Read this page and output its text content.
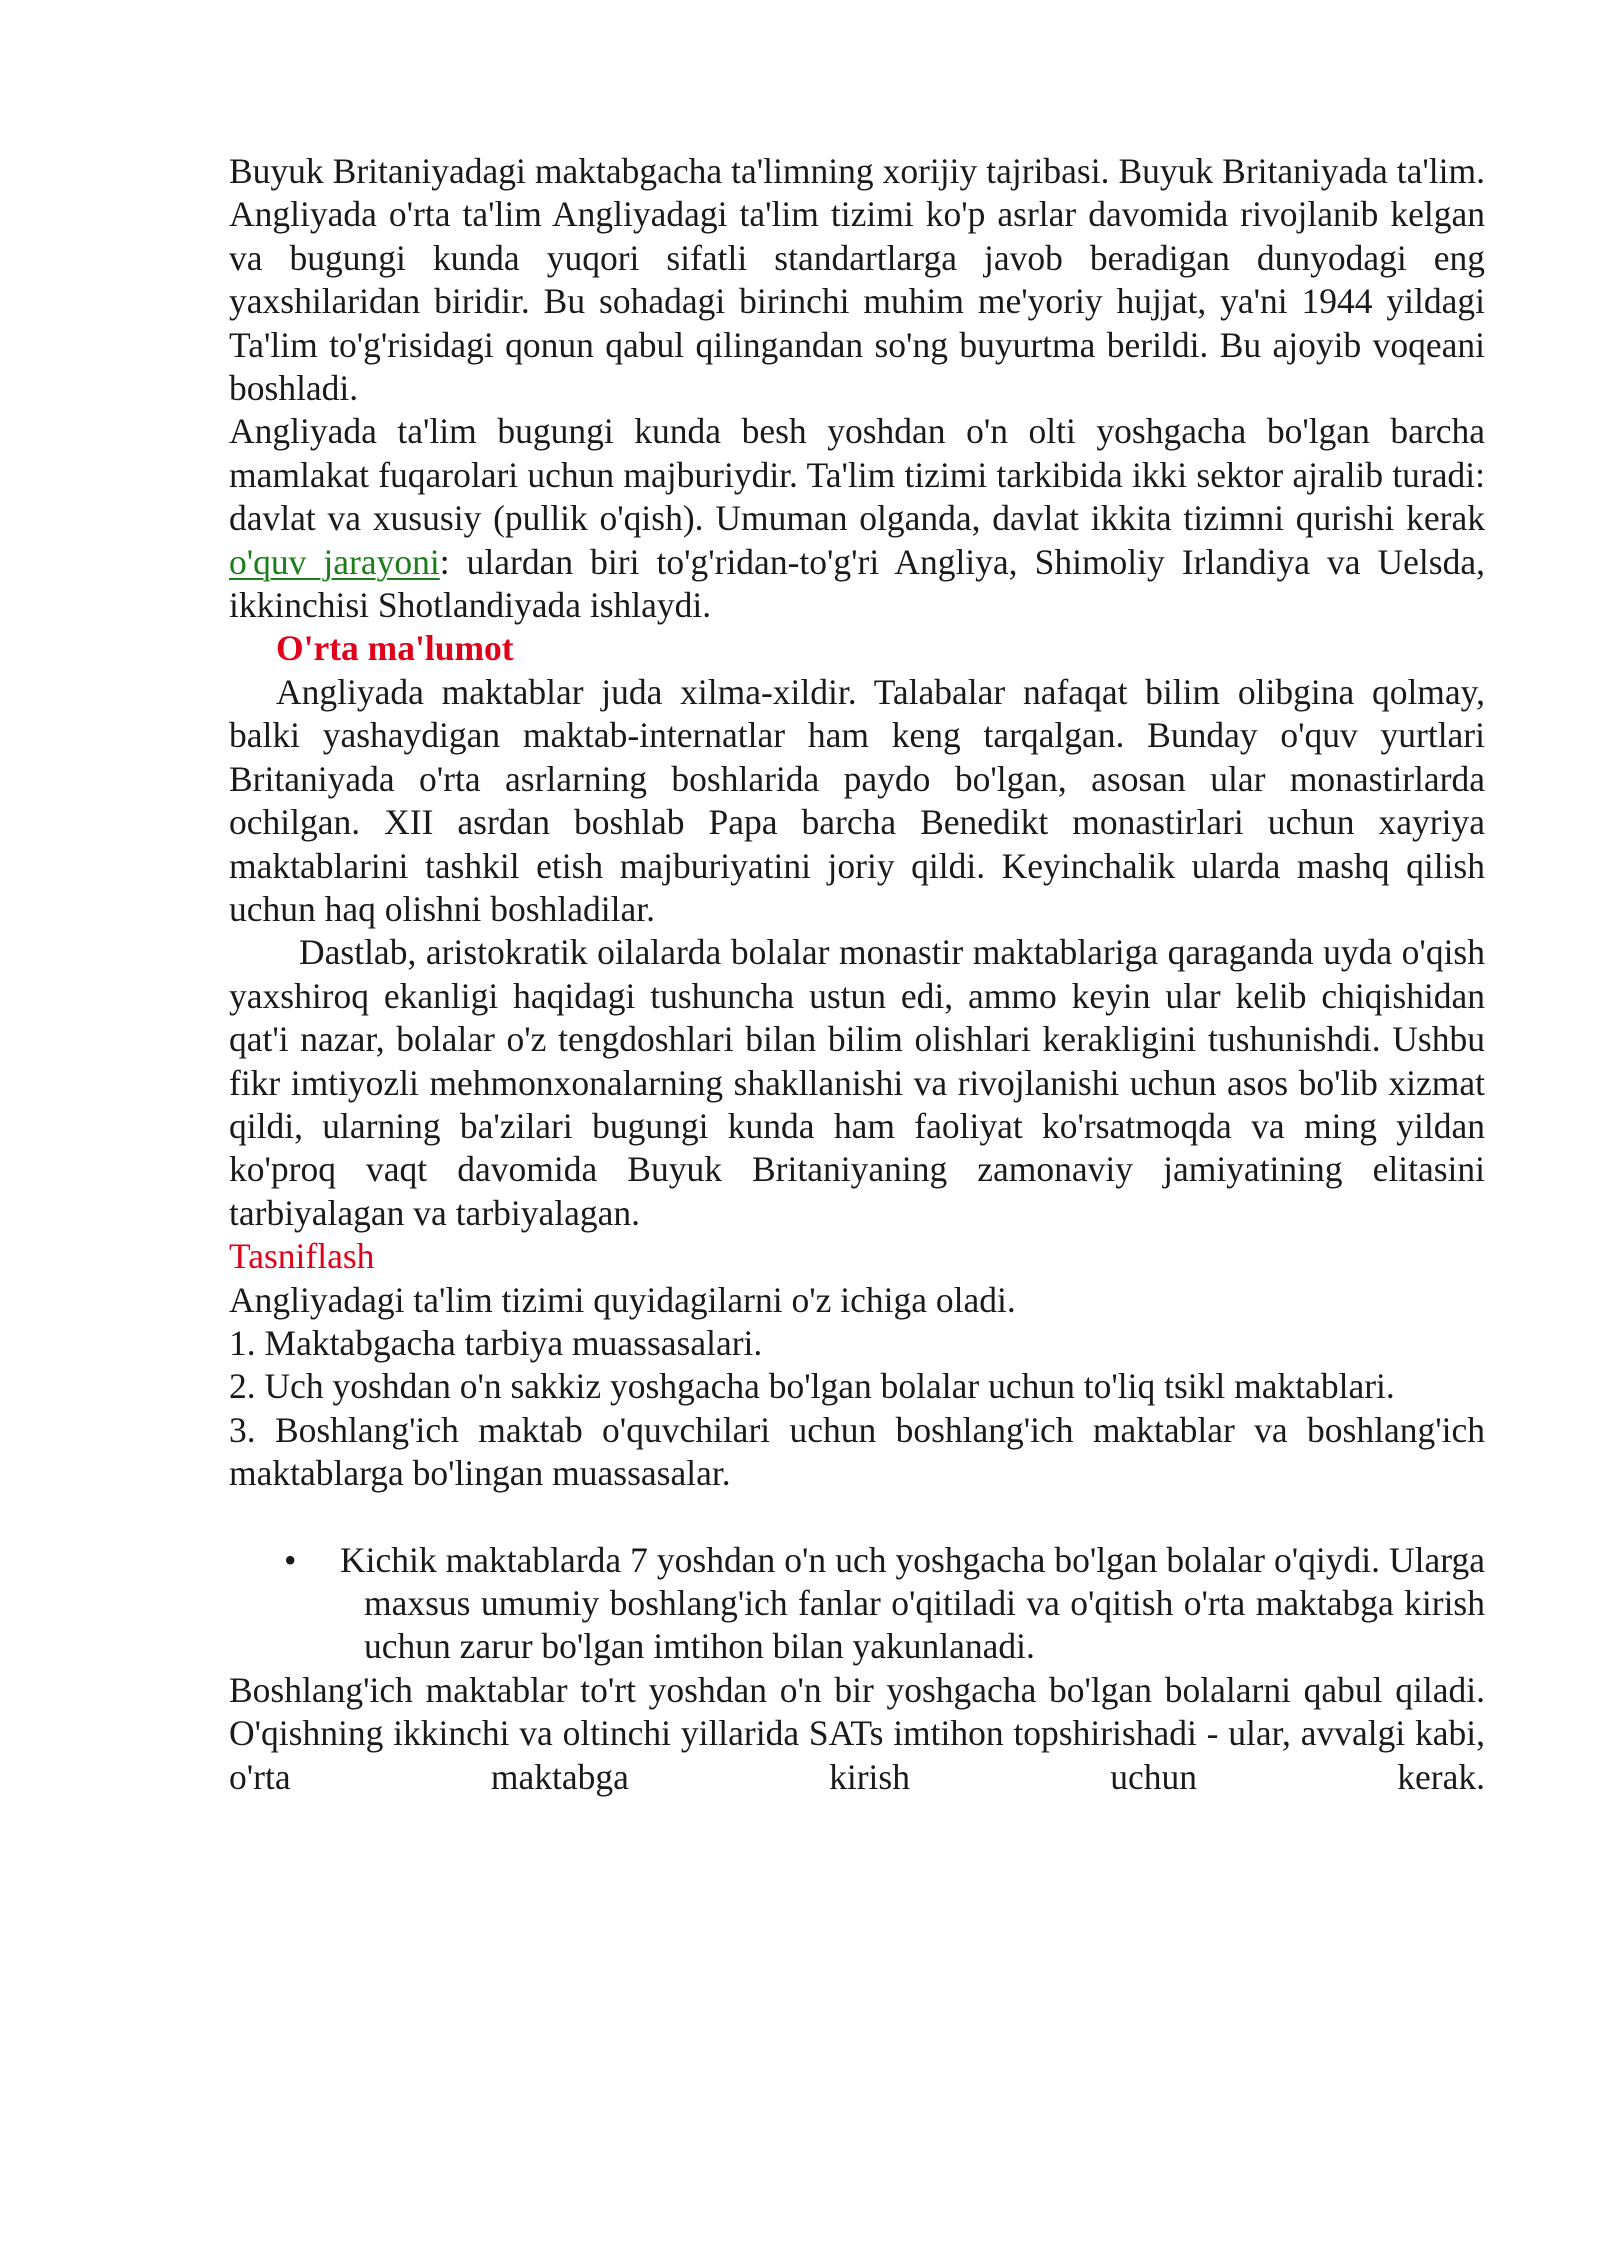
Buyuk Britaniyadagi maktabgacha ta'limning xorijiy tajribasi. Buyuk Britaniyada ta'lim. Angliyada o'rta ta'lim Angliyadagi ta'lim tizimi ko'p asrlar davomida rivojlanib kelgan va bugungi kunda yuqori sifatli standartlarga javob beradigan dunyodagi eng yaxshilaridan biridir. Bu sohadagi birinchi muhim me'yoriy hujjat, ya'ni 1944 yildagi Ta'lim to'g'risidagi qonun qabul qilingandan so'ng buyurtma berildi. Bu ajoyib voqeani boshladi.

Angliyada ta'lim bugungi kunda besh yoshdan o'n olti yoshgacha bo'lgan barcha mamlakat fuqarolari uchun majburiydir. Ta'lim tizimi tarkibida ikki sektor ajralib turadi: davlat va xususiy (pullik o'qish). Umuman olganda, davlat ikkita tizimni qurishi kerak o'quv jarayoni: ulardan biri to'g'ridan-to'g'ri Angliya, Shimoliy Irlandiya va Uelsda, ikkinchisi Shotlandiyada ishlaydi.

O'rta ma'lumot

Angliyada maktablar juda xilma-xildir. Talabalar nafaqat bilim olibgina qolmay, balki yashaydigan maktab-internatlar ham keng tarqalgan. Bunday o'quv yurtlari Britaniyada o'rta asrlarning boshlarida paydo bo'lgan, asosan ular monastirlarda ochilgan. XII asrdan boshlab Papa barcha Benedikt monastirlari uchun xayriya maktablarini tashkil etish majburiyatini joriy qildi. Keyinchalik ularda mashq qilish uchun haq olishni boshladilar.

Dastlab, aristokratik oilalarda bolalar monastir maktablariga qaraganda uyda o'qish yaxshiroq ekanligi haqidagi tushuncha ustun edi, ammo keyin ular kelib chiqishidan qat'i nazar, bolalar o'z tengdoshlari bilan bilim olishlari kerakligini tushunishdi. Ushbu fikr imtiyozli mehmonxonalarning shakllanishi va rivojlanishi uchun asos bo'lib xizmat qildi, ularning ba'zilari bugungi kunda ham faoliyat ko'rsatmoqda va ming yildan ko'proq vaqt davomida Buyuk Britaniyaning zamonaviy jamiyatining elitasini tarbiyalagan va tarbiyalagan.

Tasniflash

Angliyadagi ta'lim tizimi quyidagilarni o'z ichiga oladi.

1. Maktabgacha tarbiya muassasalari.

2. Uch yoshdan o'n sakkiz yoshgacha bo'lgan bolalar uchun to'liq tsikl maktablari.

3. Boshlang'ich maktab o'quvchilari uchun boshlang'ich maktablar va boshlang'ich maktablarga bo'lingan muassasalar.

• Kichik maktablarda 7 yoshdan o'n uch yoshgacha bo'lgan bolalar o'qiydi. Ularga maxsus umumiy boshlang'ich fanlar o'qitiladi va o'qitish o'rta maktabga kirish uchun zarur bo'lgan imtihon bilan yakunlanadi.

Boshlang'ich maktablar to'rt yoshdan o'n bir yoshgacha bo'lgan bolalarni qabul qiladi. O'qishning ikkinchi va oltinchi yillarida SATs imtihon topshirishadi - ular, avvalgi kabi, o'rta maktabga kirish uchun kerak.
